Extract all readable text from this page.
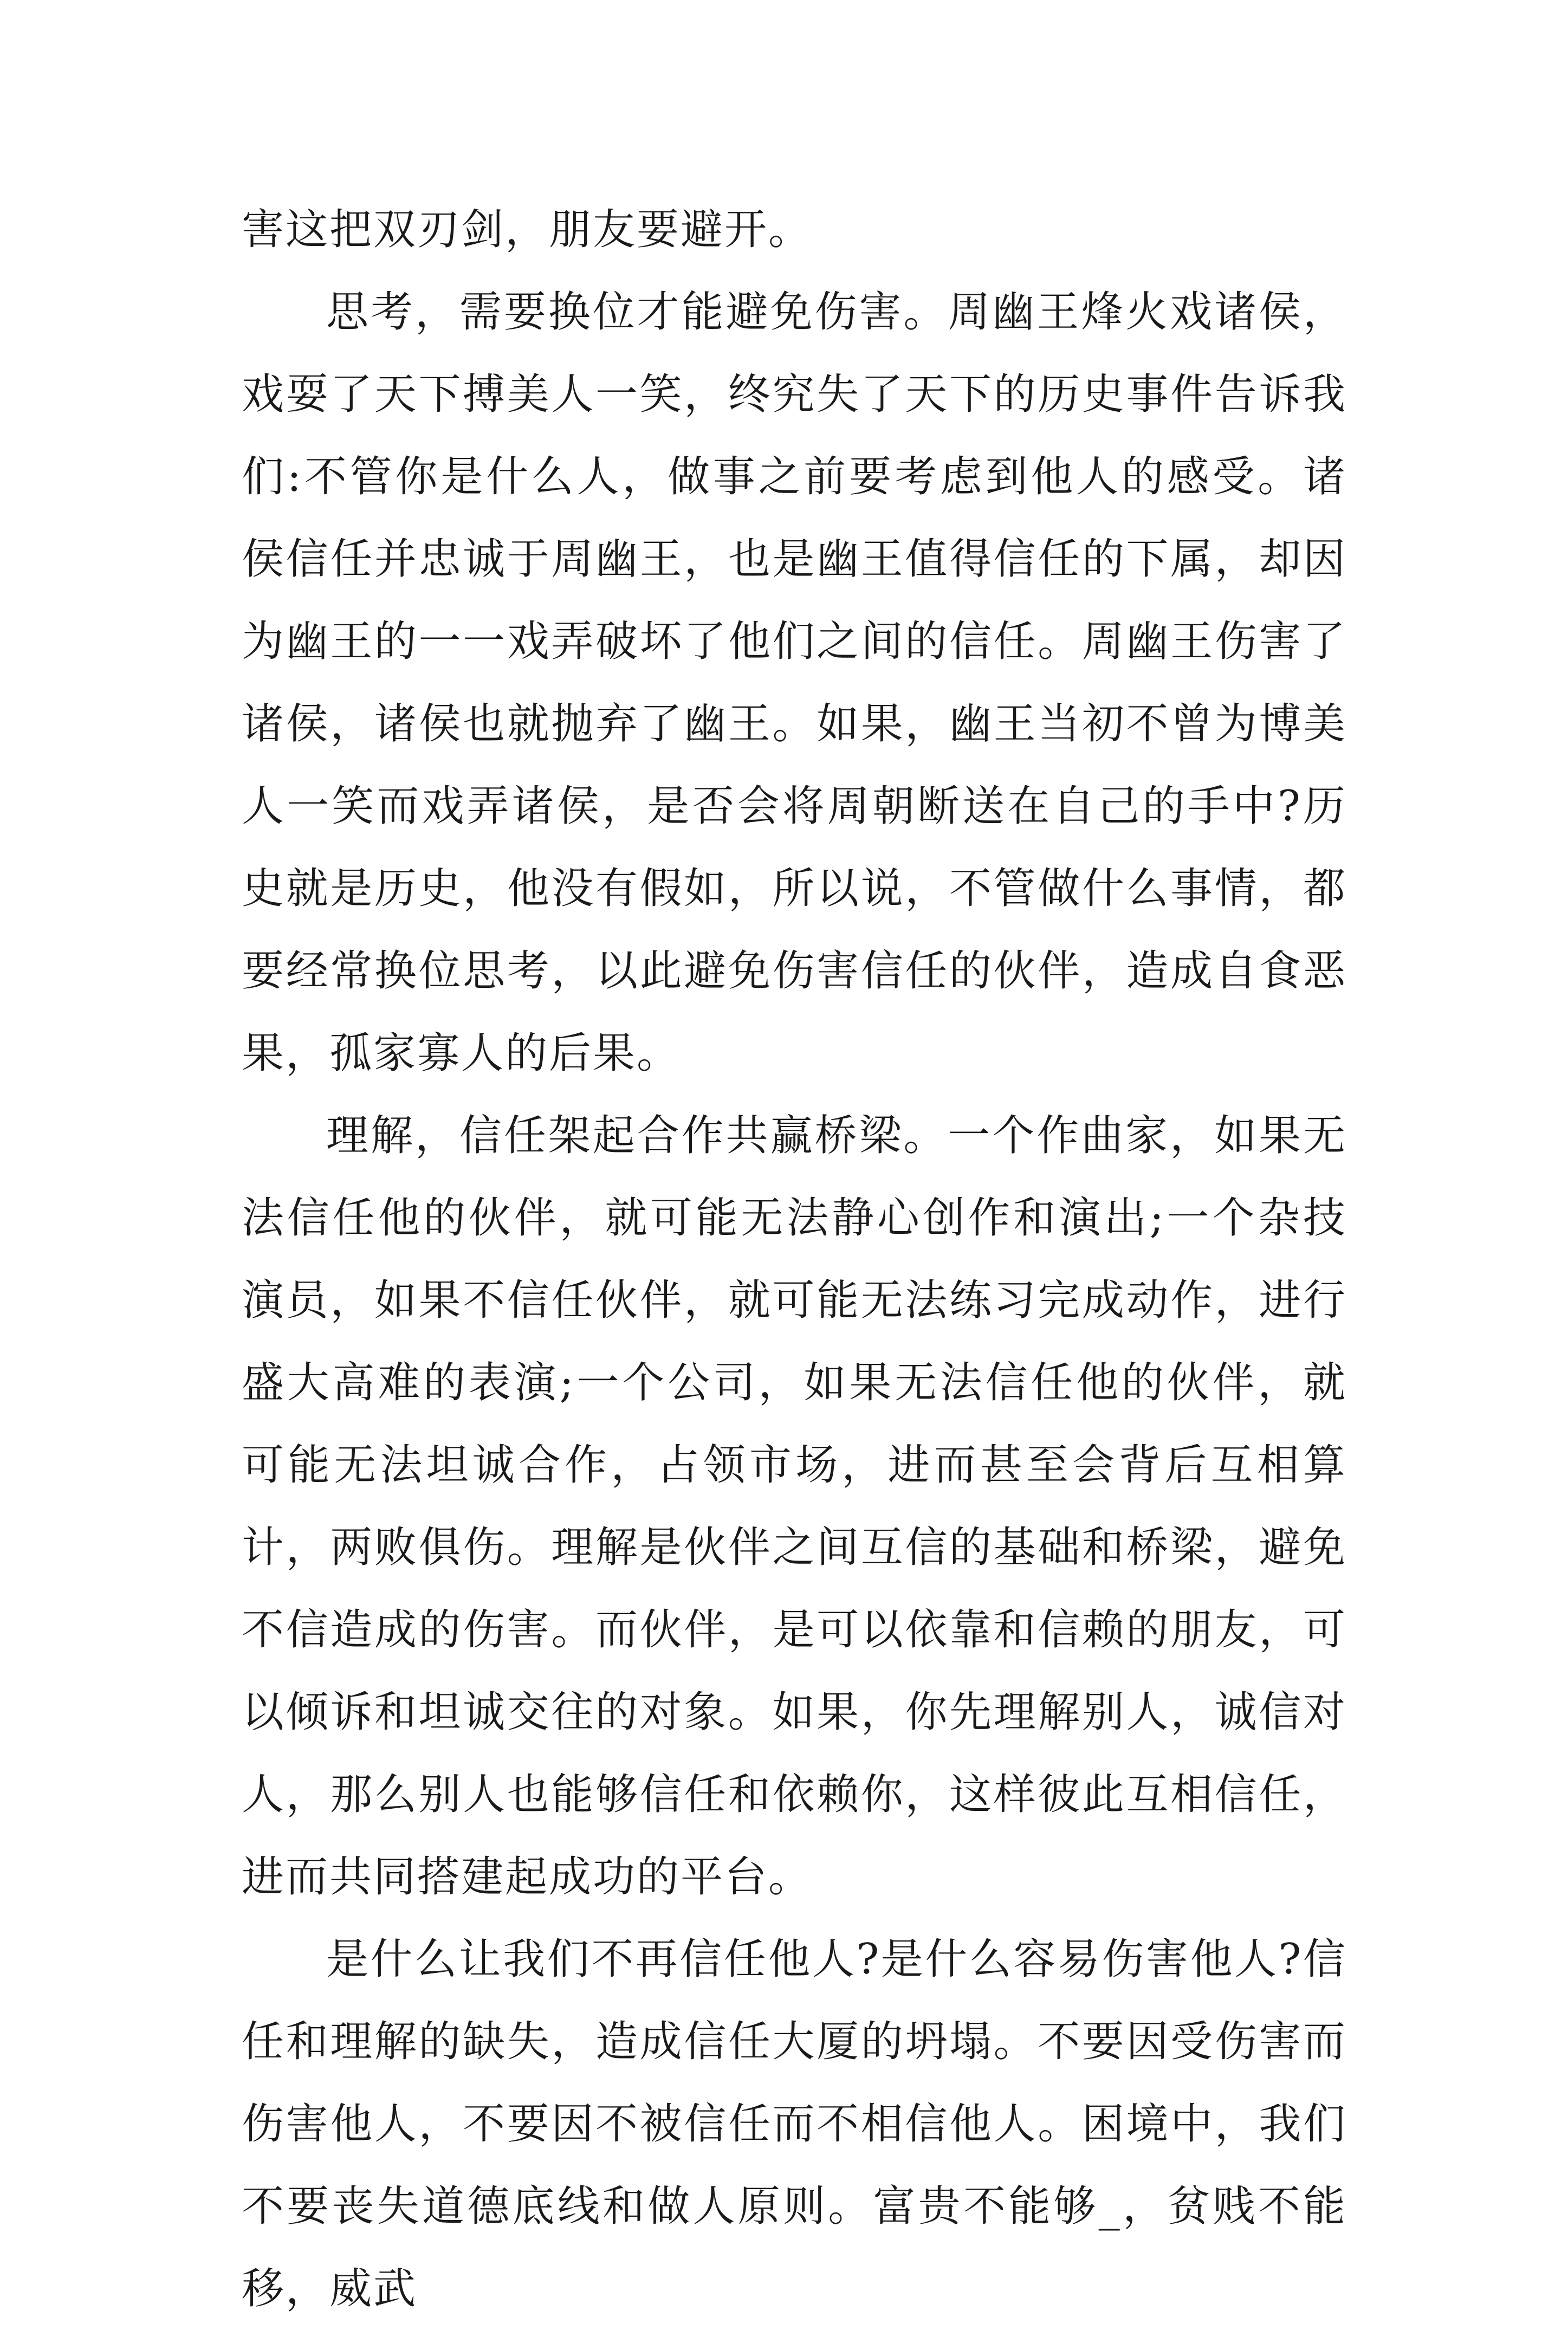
害这把双刃剑，朋友要避开。

思考，需要换位才能避免伤害。周幽王烽火戏诸侯，戏耍了天下搏美人一笑，终究失了天下的历史事件告诉我们:不管你是什么人，做事之前要考虑到他人的感受。诸侯信任并忠诚于周幽王，也是幽王值得信任的下属，却因为幽王的一一戏弄破坏了他们之间的信任。周幽王伤害了诸侯，诸侯也就抛弃了幽王。如果，幽王当初不曾为博美人一笑而戏弄诸侯，是否会将周朝断送在自己的手中?历史就是历史，他没有假如，所以说，不管做什么事情，都要经常换位思考，以此避免伤害信任的伙伴，造成自食恶果，孤家寡人的后果。

理解，信任架起合作共赢桥梁。一个作曲家，如果无法信任他的伙伴，就可能无法静心创作和演出;一个杂技演员，如果不信任伙伴，就可能无法练习完成动作，进行盛大高难的表演;一个公司，如果无法信任他的伙伴，就可能无法坦诚合作，占领市场，进而甚至会背后互相算计，两败俱伤。理解是伙伴之间互信的基础和桥梁，避免不信造成的伤害。而伙伴，是可以依靠和信赖的朋友，可以倾诉和坦诚交往的对象。如果，你先理解别人，诚信对人，那么别人也能够信任和依赖你，这样彼此互相信任，进而共同搭建起成功的平台。

是什么让我们不再信任他人?是什么容易伤害他人?信任和理解的缺失，造成信任大厦的坍塌。不要因受伤害而伤害他人，不要因不被信任而不相信他人。困境中，我们不要丧失道德底线和做人原则。富贵不能够_，贫贱不能移，威武
